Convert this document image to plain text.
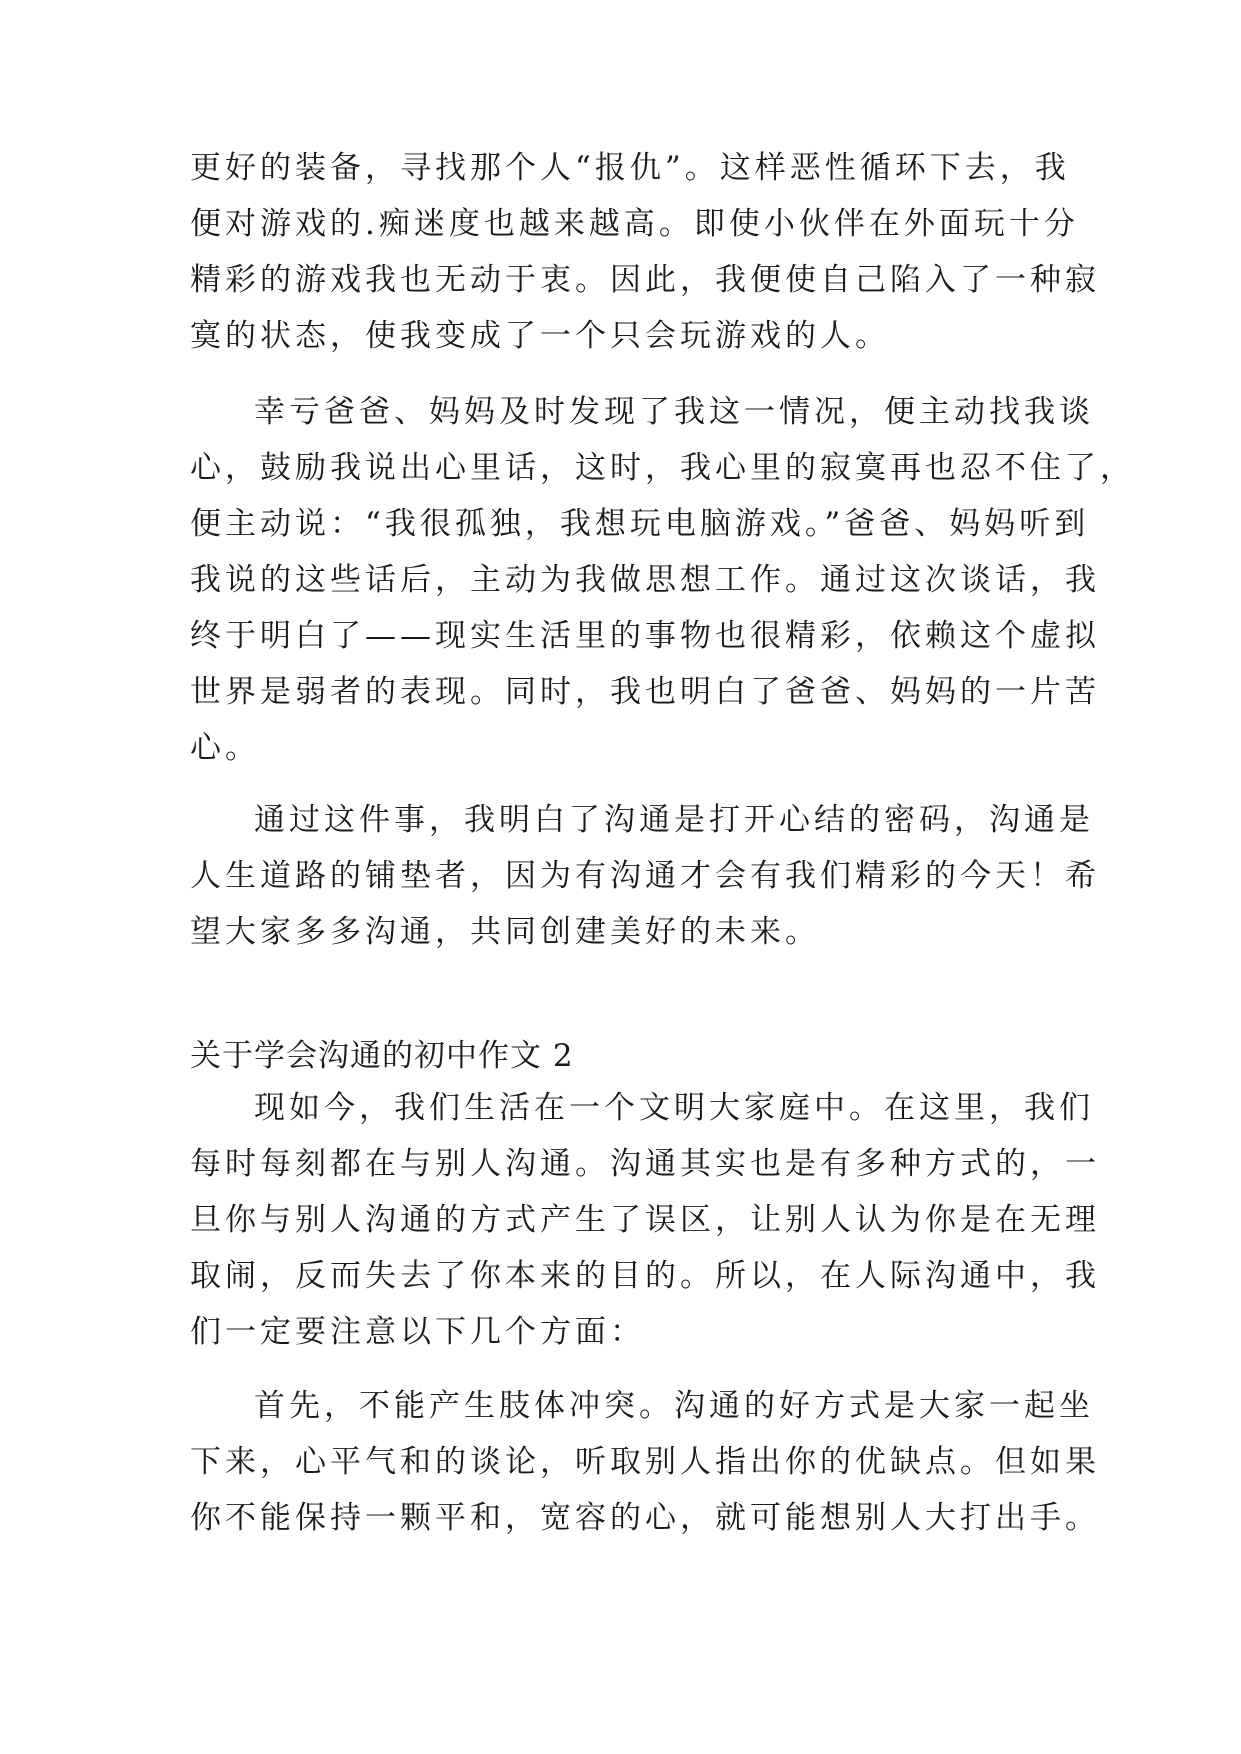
更好的装备，寻找那个人“报仇”。这样恶性循环下去，我
便对游戏的.痴迷度也越来越高。即使小伙伴在外面玩十分
精彩的游戏我也无动于衷。因此，我便使自己陷入了一种寂
寞的状态，使我变成了一个只会玩游戏的人。
幸亏爸爸、妈妈及时发现了我这一情况，便主动找我谈
心，鼓励我说出心里话，这时，我心里的寂寞再也忍不住了，
便主动说：“我很孤独，我想玩电脑游戏。”爸爸、妈妈听到
我说的这些话后，主动为我做思想工作。通过这次谈话，我
终于明白了——现实生活里的事物也很精彩，依赖这个虚拟
世界是弱者的表现。同时，我也明白了爸爸、妈妈的一片苦
心。
通过这件事，我明白了沟通是打开心结的密码，沟通是
人生道路的铺垫者，因为有沟通才会有我们精彩的今天！希
望大家多多沟通，共同创建美好的未来。
关于学会沟通的初中作文 2
现如今，我们生活在一个文明大家庭中。在这里，我们
每时每刻都在与别人沟通。沟通其实也是有多种方式的，一
旦你与别人沟通的方式产生了误区，让别人认为你是在无理
取闹，反而失去了你本来的目的。所以，在人际沟通中，我
们一定要注意以下几个方面：
首先，不能产生肢体冲突。沟通的好方式是大家一起坐
下来，心平气和的谈论，听取别人指出你的优缺点。但如果
你不能保持一颗平和，宽容的心，就可能想别人大打出手。
